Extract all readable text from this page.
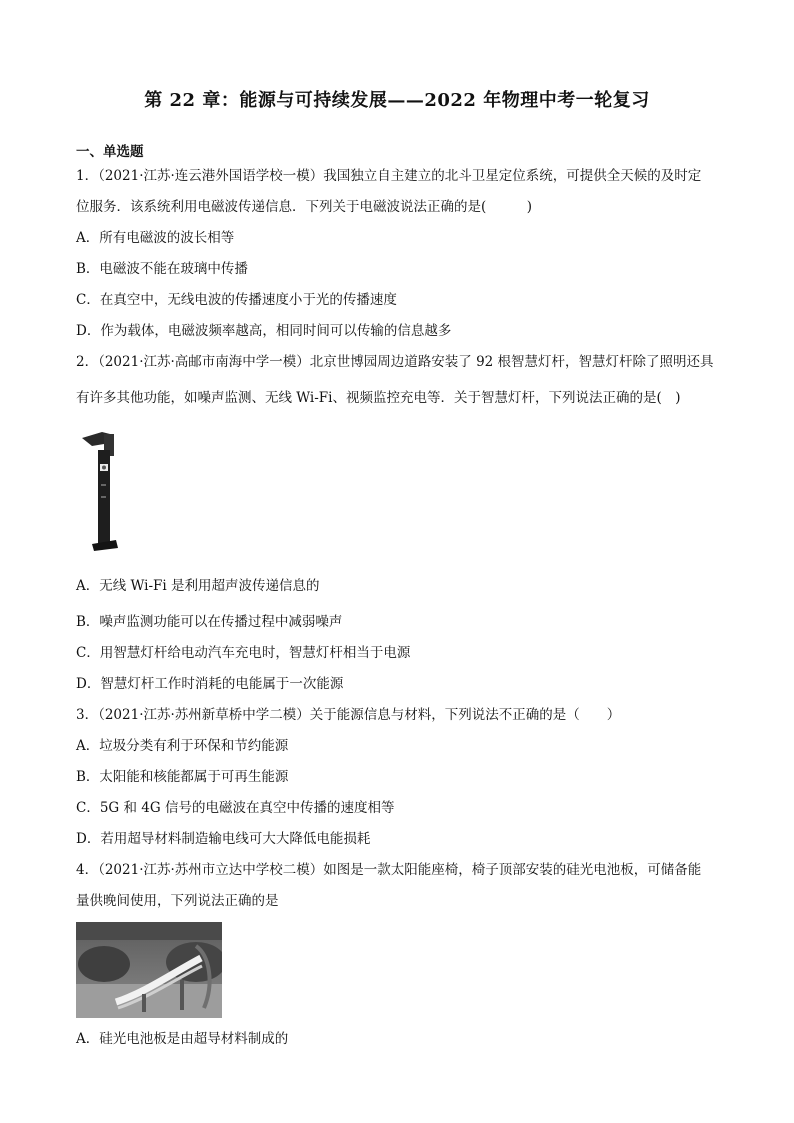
第 22 章：能源与可持续发展——2022 年物理中考一轮复习
一、单选题
1．（2021·江苏·连云港外国语学校一模）我国独立自主建立的北斗卫星定位系统，可提供全天候的及时定
位服务．该系统利用电磁波传递信息．下列关于电磁波说法正确的是(　　　)
A．所有电磁波的波长相等
B．电磁波不能在玻璃中传播
C．在真空中，无线电波的传播速度小于光的传播速度
D．作为载体，电磁波频率越高，相同时间可以传输的信息越多
2．（2021·江苏·高邮市南海中学一模）北京世博园周边道路安装了 92 根智慧灯杆，智慧灯杆除了照明还具
有许多其他功能，如噪声监测、无线 Wi-Fi、视频监控充电等．关于智慧灯杆，下列说法正确的是(　)
A．无线 Wi-Fi 是利用超声波传递信息的
B．噪声监测功能可以在传播过程中减弱噪声
C．用智慧灯杆给电动汽车充电时，智慧灯杆相当于电源
D．智慧灯杆工作时消耗的电能属于一次能源
3．（2021·江苏·苏州新草桥中学二模）关于能源信息与材料，下列说法不正确的是（　　）
A．垃圾分类有利于环保和节约能源
B．太阳能和核能都属于可再生能源
C．5G 和 4G 信号的电磁波在真空中传播的速度相等
D．若用超导材料制造输电线可大大降低电能损耗
4．（2021·江苏·苏州市立达中学校二模）如图是一款太阳能座椅，椅子顶部安装的硅光电池板，可储备能
量供晚间使用，下列说法正确的是
A．硅光电池板是由超导材料制成的
